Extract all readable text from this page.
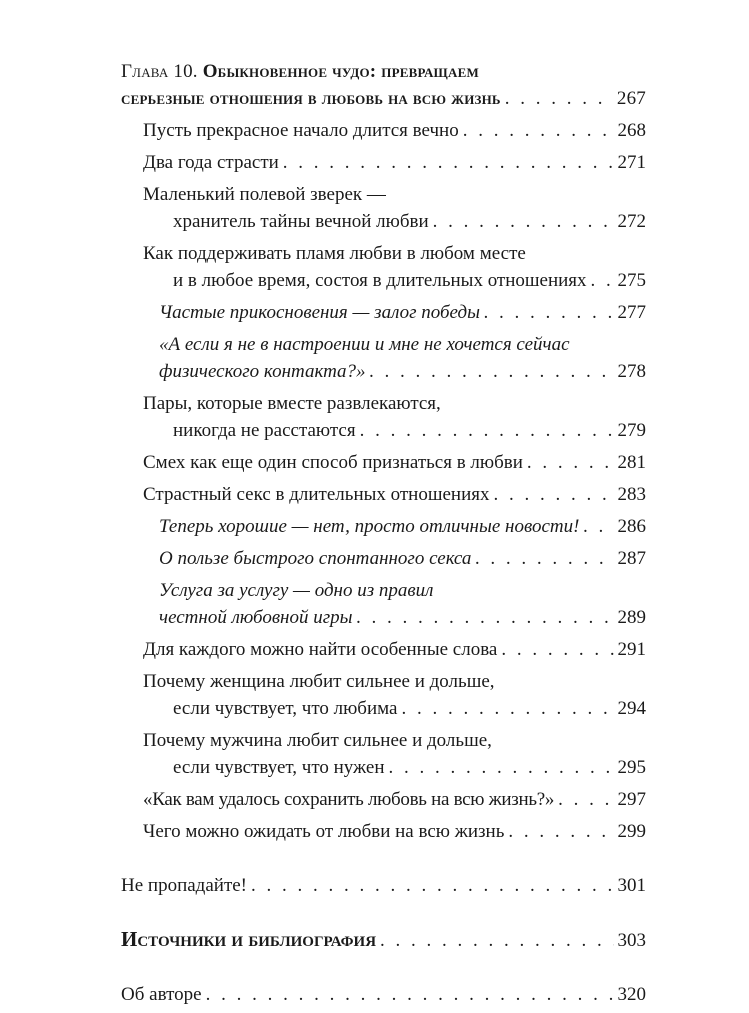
Глава 10. Обыкновенное чудо: превращаем
серьезные отношения в любовь на всю жизнь . . .	267
Пусть прекрасное начало длится вечно . . .	268
Два года страсти . . .	271
Маленький полевой зверек —
хранитель тайны вечной любви . . .	272
Как поддерживать пламя любви в любом месте
и в любое время, состоя в длительных отношениях . . . 275
Частые прикосновения — залог победы . . .	277
«А если я не в настроении и мне не хочется сейчас
физического контакта?» . . .	278
Пары, которые вместе развлекаются,
никогда не расстаются . . .	279
Смех как еще один способ признаться в любви . . .	281
Страстный секс в длительных отношениях . . .	283
Теперь хорошие — нет, просто отличные новости! . . . 286
О пользе быстрого спонтанного секса . . .	287
Услуга за услугу — одно из правил
честной любовной игры . . .	289
Для каждого можно найти особенные слова . . .	291
Почему женщина любит сильнее и дольше,
если чувствует, что любима . . .	294
Почему мужчина любит сильнее и дольше,
если чувствует, что нужен . . .	295
«Как вам удалось сохранить любовь на всю жизнь?» . . .	297
Чего можно ожидать от любви на всю жизнь . . .	299
Не пропадайте! . . .	301
Источники и библиография . . .	303
Об авторе . . .	320
